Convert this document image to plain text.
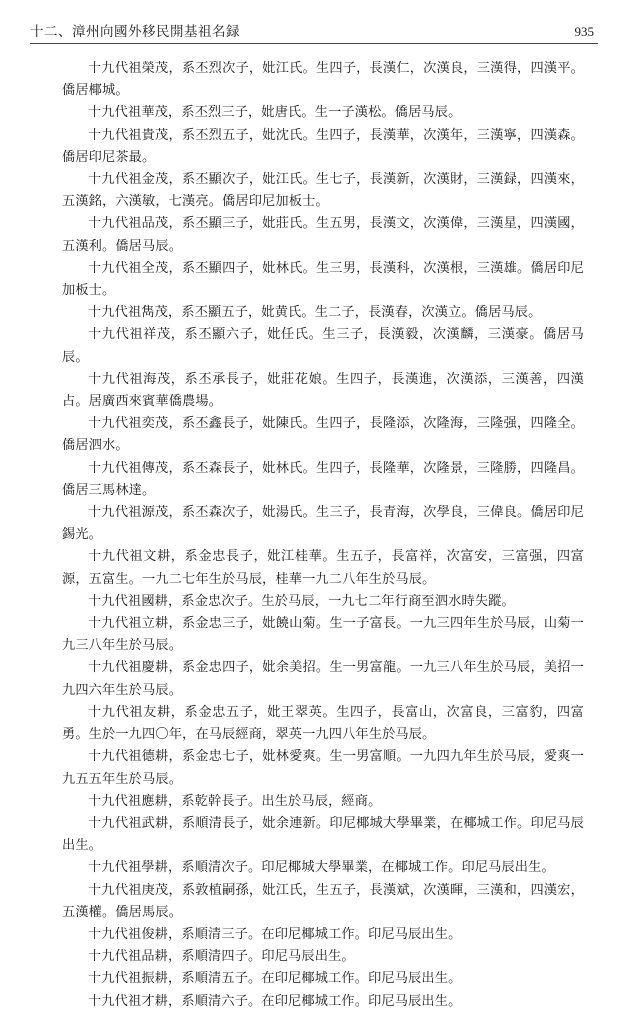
十二、漳州向國外移民開基祖名録	935

十九代祖榮茂，系丕烈次子，妣江氏。生四子，長漢仁，次漢良，三漢得，四漢平。僑居椰城。

十九代祖華茂，系丕烈三子，妣唐氏。生一子漢松。僑居马辰。

十九代祖貴茂，系丕烈五子，妣沈氏。生四子，長漢華，次漢年，三漢寧，四漢森。僑居印尼茶最。

十九代祖金茂，系丕顯次子，妣江氏。生七子，長漢新，次漢財，三漢録，四漢來，五漢銘，六漢敏，七漢亮。僑居印尼加板士。

十九代祖品茂，系丕顯三子，妣莊氏。生五男，長漢文，次漢偉，三漢星，四漢國，五漢利。僑居马辰。

十九代祖全茂，系丕顯四子，妣林氏。生三男，長漢科，次漢根，三漢雄。僑居印尼加板士。

十九代祖雋茂，系丕顯五子，妣黄氏。生二子，長漢春，次漢立。僑居马辰。

十九代祖祥茂，系丕顯六子，妣任氏。生三子，長漢毅，次漢麟，三漢豪。僑居马辰。

十九代祖海茂，系丕承長子，妣莊花娘。生四子，長漢進，次漢添，三漢善，四漢占。居廣西來賓華僑農場。

十九代祖奕茂，系丕鑫長子，妣陳氏。生四子，長隆添，次隆海，三隆强，四隆全。僑居泗水。

十九代祖傳茂，系丕森長子，妣林氏。生四子，長隆華，次隆景，三隆勝，四隆昌。僑居三馬林達。

十九代祖源茂，系丕森次子，妣湯氏。生三子，長青海，次學良，三偉良。僑居印尼錫光。

十九代祖文耕，系金忠長子，妣江桂華。生五子，長富祥，次富安，三富强，四富源，五富生。一九二七年生於马辰，桂華一九二八年生於马辰。

十九代祖國耕，系金忠次子。生於马辰，一九七二年行商至泗水時失蹤。

十九代祖立耕，系金忠三子，妣饒山菊。生一子富長。一九三四年生於马辰，山菊一九三八年生於马辰。

十九代祖慶耕，系金忠四子，妣余美招。生一男富龍。一九三八年生於马辰，美招一九四六年生於马辰。

十九代祖友耕，系金忠五子，妣王翠英。生四子，長富山，次富良，三富豹，四富勇。生於一九四〇年，在马辰經商，翠英一九四八年生於马辰。

十九代祖德耕，系金忠七子，妣林愛爽。生一男富順。一九四九年生於马辰，愛爽一九五五年生於马辰。

十九代祖應耕，系乾幹長子。出生於马辰，經商。

十九代祖武耕，系順清長子，妣余連新。印尼椰城大學畢業，在椰城工作。印尼马辰出生。

十九代祖學耕，系順清次子。印尼椰城大學畢業，在椰城工作。印尼马辰出生。

十九代祖庚茂，系敦植嗣孫，妣江氏，生五子，長漢斌，次漢暉，三漢和，四漢宏，五漢權。僑居馬辰。

十九代祖俊耕，系順清三子。在印尼椰城工作。印尼马辰出生。

十九代祖品耕，系順清四子。印尼马辰出生。

十九代祖振耕，系順清五子。在印尼椰城工作。印尼马辰出生。

十九代祖才耕，系順清六子。在印尼椰城工作。印尼马辰出生。
